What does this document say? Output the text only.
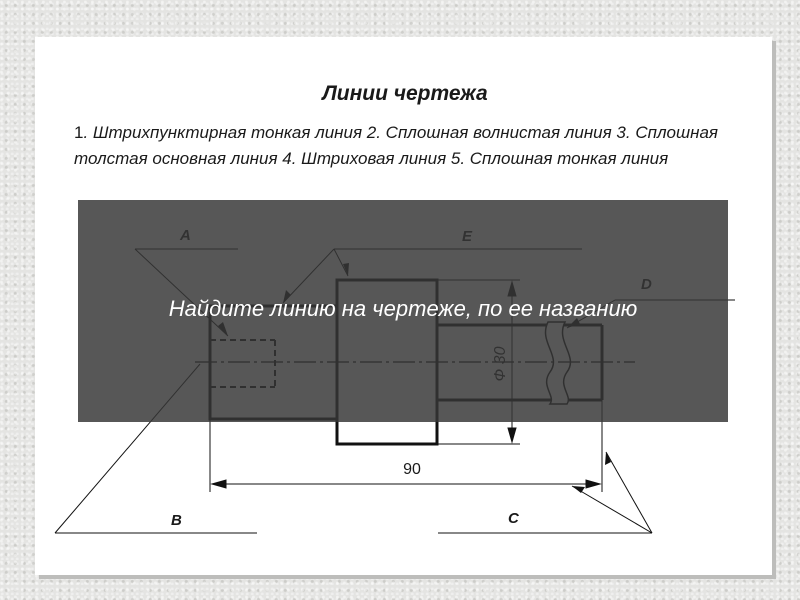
Линии чертежа

1. Штрихпунктирная тонкая линия 2. Сплошная волнистая линия 3. Сплошная толстая основная линия 4. Штриховая линия 5. Сплошная тонкая линия

90
B	C

Найдите линию на чертеже, по ее названию
